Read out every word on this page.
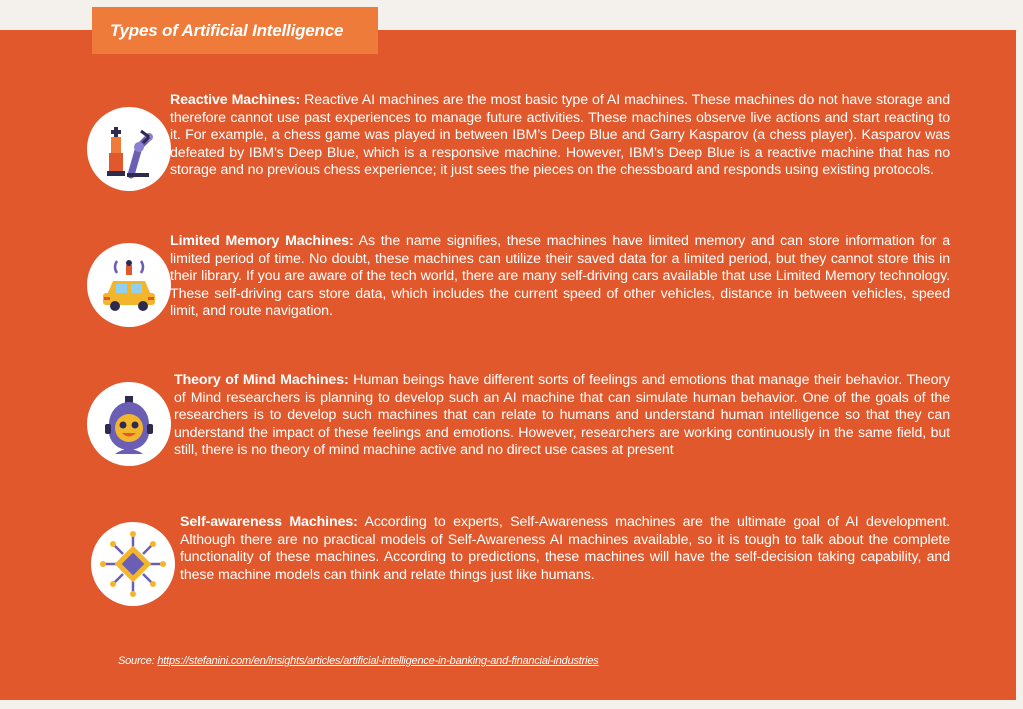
Types of Artificial Intelligence
Reactive Machines: Reactive AI machines are the most basic type of AI machines. These machines do not have storage and therefore cannot use past experiences to manage future activities. These machines observe live actions and start reacting to it. For example, a chess game was played in between IBM’s Deep Blue and Garry Kasparov (a chess player). Kasparov was defeated by IBM’s Deep Blue, which is a responsive machine. However, IBM’s Deep Blue is a reactive machine that has no storage and no previous chess experience; it just sees the pieces on the chessboard and responds using existing protocols.
Limited Memory Machines: As the name signifies, these machines have limited memory and can store information for a limited period of time. No doubt, these machines can utilize their saved data for a limited period, but they cannot store this in their library. If you are aware of the tech world, there are many self-driving cars available that use Limited Memory technology. These self-driving cars store data, which includes the current speed of other vehicles, distance in between vehicles, speed limit, and route navigation.
Theory of Mind Machines: Human beings have different sorts of feelings and emotions that manage their behavior. Theory of Mind researchers is planning to develop such an AI machine that can simulate human behavior. One of the goals of the researchers is to develop such machines that can relate to humans and understand human intelligence so that they can understand the impact of these feelings and emotions. However, researchers are working continuously in the same field, but still, there is no theory of mind machine active and no direct use cases at present
Self-awareness Machines: According to experts, Self-Awareness machines are the ultimate goal of AI development. Although there are no practical models of Self-Awareness AI machines available, so it is tough to talk about the complete functionality of these machines. According to predictions, these machines will have the self-decision taking capability, and these machine models can think and relate things just like humans.
Source: https://stefanini.com/en/insights/articles/artificial-intelligence-in-banking-and-financial-industries
